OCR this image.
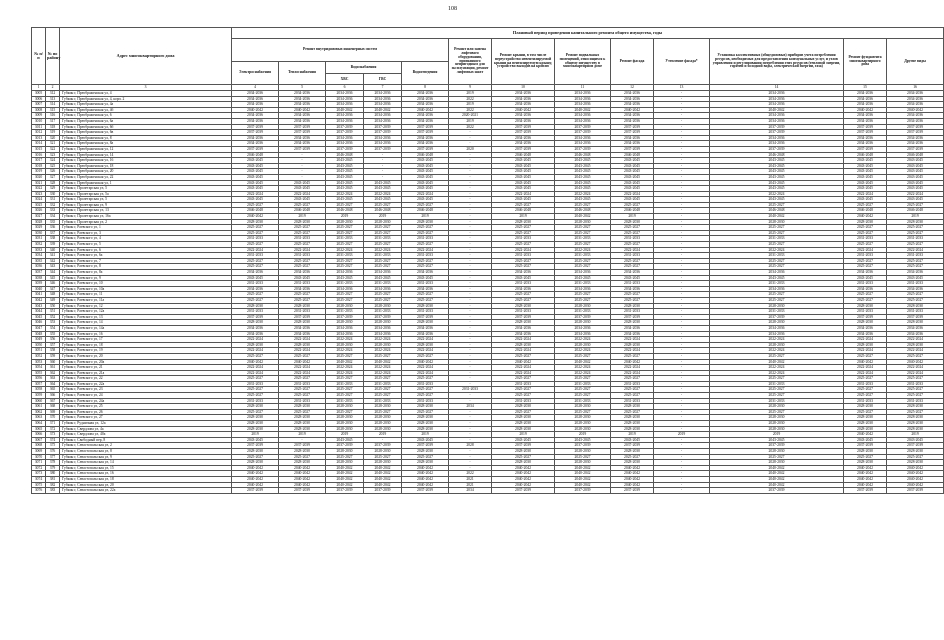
108
№ п/п	№ по району	Адрес многоквартирного дома	Плановый период проведения капитального ремонта общего имущества, годы												
			Ремонт внутридомовых инженерных систем					Ремонт или замена лифтового оборудования, признанного непригодным для эксплуатации, ремонт лифтовых шахт	Ремонт крыши, в том числе переустройство невентилируемой крыши на вентилируемую крышу, устройство выходов на кровлю	Ремонт подвальных помещений, относящихся к общему имуществу в многоквартирном доме	Ремонт фасада	Утепление фасада*	Установка коллективных (общедомовых) приборов учета потребления ресурсов, необходимых для предоставления коммунальных услуг, и узлов управления и регулирования потребления этих ресурсов (тепловой энергии, горячей и холодной воды, электрической энергии, газа)	Ремонт фундамента многоквартирного дома	Другие виды
			Электроснабжения	Теплоснабжения	Водоснабжения
ХВС ГВС		Водоотведения								
1	2	3	4	5	6	7	8	9	10	11	12	13	14	15	16
3005	312	Губкин г, Преображенская ул, 4	2034-2036	2034-2036	2034-2036	2034-2036	2034-2036	2019	2034-2036	2034-2036	2034-2036	-	2034-2036	2034-2036	2034-2036
3006	313	Губкин г, Преображенская ул, 4, корп. 2	2034-2036	2034-2036	2034-2036	2034-2036	2034-2036	2022	2034-2036	2034-2036	2034-2036	-	2034-2036	2034-2036	2034-2036
3007	314	Губкин г, Преображенская ул, 4а	2034-2036	2034-2036	2034-2036	2034-2036	2034-2036	2019	2034-2036	2034-2036	2034-2036	-	2034-2036	2034-2036	2034-2036
3008	315	Губкин г, Преображенская ул, 4б	2040-2042	2040-2042	2040-2042	2040-2042	2040-2042	2022	2040-2042	2040-2042	2040-2042	-	2040-2042	2040-2042	2040-2042
3009	316	Губкин г, Преображенская ул, 6	2034-2036	2034-2036	2034-2036	2034-2036	2034-2036	2020-2021	2034-2036	2034-2036	2034-2036	-	2034-2036	2034-2036	2034-2036
3010	317	Губкин г, Преображенская ул, 6а	2034-2036	2034-2036	2034-2036	2034-2036	2034-2036	2019	2034-2036	2034-2036	2034-2036	-	2034-2036	2034-2036	2034-2036
3011	318	Губкин г, Преображенская ул, 6б	2037-2039	2037-2039	2037-2039	2037-2039	2037-2039	2022	2037-2039	2037-2039	2037-2039	-	2037-2039	2037-2039	2037-2039
3012	319	Губкин г, Преображенская ул, 6в	2037-2039	2037-2039	2037-2039	2037-2039	2037-2039	-	2037-2039	2037-2039	2037-2039	-	2037-2039	2037-2039	2037-2039
3013	320	Губкин г, Преображенская ул, 8	2034-2036	2034-2036	2034-2036	2034-2036	2034-2036	-	2034-2036	2034-2036	2034-2036	-	2034-2036	2034-2036	2034-2036
3014	321	Губкин г, Преображенская ул, 8а	2034-2036	2034-2036	2034-2036	2034-2036	2034-2036	-	2034-2036	2034-2036	2034-2036	-	2034-2036	2034-2036	2034-2036
3015	322	Губкин г, Преображенская ул, 12	2037-2039	2037-2039	2037-2039	2037-2039	2037-2039	2020	2037-2039	2037-2039	2037-2039	-	2037-2039	2037-2039	2037-2039
3016	323	Губкин г, Преображенская ул, 14	2046-2048	-	2046-2048	-	2046-2048	-	2046-2048	2046-2048	2046-2048	-	2046-2048	2046-2048	2046-2048
3017	324	Губкин г, Преображенская ул, 16	2043-2045	-	2043-2045	-	2043-2045	-	2043-2045	2043-2045	2043-2045	-	2043-2045	2043-2045	2043-2045
3018	325	Губкин г, Преображенская ул, 18	2043-2045	-	2043-2045	-	2043-2045	-	2043-2045	2043-2045	2043-2045	-	2043-2045	2043-2045	2043-2045
3019	326	Губкин г, Преображенская ул, 20	2043-2045	-	2043-2045	-	2043-2045	-	2043-2045	2043-2045	2043-2045	-	2043-2045	2043-2045	2043-2045
3020	327	Губкин г, Преображенская ул, 22	2043-2045	-	2043-2045	-	2043-2045	-	2043-2045	2043-2045	2043-2045	-	2043-2045	2043-2045	2043-2045
3021	328	Губкин г, Преображенская ул, 1	2043-2045	2043-2045	2043-2045	2043-2045	2043-2045	-	2043-2045	2043-2045	2043-2045	-	2043-2045	2043-2045	2043-2045
3022	329	Губкин г, Пролетарская ул, 5	2043-2045	2043-2045	2043-2045	2043-2045	2043-2045	-	2043-2045	2043-2045	2043-2045	-	2043-2045	2043-2045	2043-2045
3023	330	Губкин г, Пролетарская ул, 5а	2022-2024	2022-2024	2022-2024	2022-2024	2022-2024	-	2022-2024	2022-2024	2022-2024	-	2022-2024	2022-2024	2022-2024
3024	331	Губкин г, Пролетарская ул, 5	2043-2045	2043-2045	2043-2045	2043-2045	2043-2045	-	2043-2045	2043-2045	2043-2045	-	2043-2045	2043-2045	2043-2045
3025	332	Губкин г, Пролетарская ул, 9	2025-2027	2025-2027	2025-2027	2025-2027	2025-2027	-	2025-2027	2025-2027	2025-2027	-	2025-2027	2025-2027	2025-2027
3026	333	Губкин г, Пролетарская ул, 13	2046-2048	2046-2048	2046-2048	2046-2048	2046-2048	-	2046-2048	2046-2048	2046-2048	-	2046-2048	2046-2048	2046-2048
3027	334	Губкин г, Пролетарская ул, 16а	2040-2042	2019	2019	2019	2019	-	2019	2040-2042	2019	-	2040-2042	2040-2042	2019
3028	335	Губкин г, Пролетарская ул, 2	2028-2030	2028-2030	2028-2030	2028-2030	2028-2030	-	2028-2030	2028-2030	2028-2030	-	2028-2030	2028-2030	2028-2030
3029	336	Губкин г, Раевского ул, 1	2025-2027	2025-2027	2025-2027	2025-2027	2025-2027	-	2025-2027	2025-2027	2025-2027	-	2025-2027	2025-2027	2025-2027
3030	337	Губкин г, Раевского ул, 3	2025-2027	2025-2027	2025-2027	2025-2027	2025-2027	-	2025-2027	2025-2027	2025-2027	-	2025-2027	2025-2027	2025-2027
3031	338	Губкин г, Раевского ул, 4	2031-2033	2031-2033	2031-2033	2031-2033	2031-2033	-	2031-2033	2031-2033	2031-2033	-	2031-2033	2031-2033	2031-2033
3032	339	Губкин г, Раевского ул, 5	2025-2027	2025-2027	2025-2027	2025-2027	2025-2027	-	2025-2027	2025-2027	2025-2027	-	2025-2027	2025-2027	2025-2027
3033	340	Губкин г, Раевского ул, 6	2022-2024	2022-2024	2022-2024	2022-2024	2022-2024	-	2022-2024	2022-2024	2022-2024	-	2022-2024	2022-2024	2022-2024
3034	341	Губкин г, Раевского ул, 6а	2031-2033	2031-2033	2031-2033	2031-2033	2031-2033	-	2031-2033	2031-2033	2031-2033	-	2031-2033	2031-2033	2031-2033
3035	342	Губкин г, Раевского ул, 7	2025-2027	2025-2027	2025-2027	2025-2027	2025-2027	-	2025-2027	2025-2027	2025-2027	-	2025-2027	2025-2027	2025-2027
3036	343	Губкин г, Раевского ул, 8	2025-2027	2025-2027	2025-2027	2025-2027	2025-2027	-	2025-2027	2025-2027	2025-2027	-	2025-2027	2025-2027	2025-2027
3037	344	Губкин г, Раевского ул, 8а	2034-2036	2034-2036	2034-2036	2034-2036	2034-2036	-	2034-2036	2034-2036	2034-2036	-	2034-2036	2034-2036	2034-2036
3038	345	Губкин г, Раевского ул, 9	2043-2045	2043-2045	2043-2045	2043-2045	2043-2045	-	2043-2045	2043-2045	2043-2045	-	2043-2045	2043-2045	2043-2045
3039	346	Губкин г, Раевского ул, 10	2031-2033	2031-2033	2031-2033	2031-2033	2031-2033	-	2031-2033	2031-2033	2031-2033	-	2031-2033	2031-2033	2031-2033
3040	347	Губкин г, Раевского ул, 10а	2034-2036	2034-2036	2034-2036	2034-2036	2034-2036	-	2034-2036	2034-2036	2034-2036	-	2034-2036	2034-2036	2034-2036
3041	348	Губкин г, Раевского ул, 11	2025-2027	2025-2027	2025-2027	2025-2027	2025-2027	-	2025-2027	2025-2027	2025-2027	-	2025-2027	2025-2027	2025-2027
3042	349	Губкин г, Раевского ул, 11а	2025-2027	2025-2027	2025-2027	2025-2027	2025-2027	-	2025-2027	2025-2027	2025-2027	-	2025-2027	2025-2027	2025-2027
3043	350	Губкин г, Раевского ул, 12	2028-2030	2028-2030	2028-2030	2028-2030	2028-2030	-	2028-2030	2028-2030	2028-2030	-	2028-2030	2028-2030	2028-2030
3044	351	Губкин г, Раевского ул, 12а	2031-2033	2031-2033	2031-2033	2031-2033	2031-2033	-	2031-2033	2031-2033	2031-2033	-	2031-2033	2031-2033	2031-2033
3045	352	Губкин г, Раевского ул, 13	2037-2039	2037-2039	2037-2039	2037-2039	2037-2039	-	2037-2039	2037-2039	2037-2039	-	2037-2039	2037-2039	2037-2039
3046	353	Губкин г, Раевского ул, 14	2028-2030	2028-2030	2028-2030	2028-2030	2028-2030	-	2028-2030	2028-2030	2028-2030	-	2028-2030	2028-2030	2028-2030
3047	354	Губкин г, Раевского ул, 14а	2034-2036	2034-2036	2034-2036	2034-2036	2034-2036	-	2034-2036	2034-2036	2034-2036	-	2034-2036	2034-2036	2034-2036
3048	355	Губкин г, Раевского ул, 16	2034-2036	2034-2036	2034-2036	2034-2036	2034-2036	-	2034-2036	2034-2036	2034-2036	-	2034-2036	2034-2036	2034-2036
3049	356	Губкин г, Раевского ул, 17	2022-2024	2022-2024	2022-2024	2022-2024	2022-2024	-	2022-2024	2022-2024	2022-2024	-	2022-2024	2022-2024	2022-2024
3050	357	Губкин г, Раевского ул, 18	2028-2030	2028-2030	2028-2030	2028-2030	2028-2030	-	2028-2030	2028-2030	2028-2030	-	2028-2030	2028-2030	2028-2030
3051	358	Губкин г, Раевского ул, 19	2022-2024	2022-2024	2022-2024	2022-2024	2022-2024	-	2022-2024	2022-2024	2022-2024	-	2022-2024	2022-2024	2022-2024
3052	359	Губкин г, Раевского ул, 20	2025-2027	2025-2027	2025-2027	2025-2027	2025-2027	-	2025-2027	2025-2027	2025-2027	-	2025-2027	2025-2027	2025-2027
3053	360	Губкин г, Раевского ул, 20а	2040-2042	2040-2042	2040-2042	2040-2042	2040-2042	-	2040-2042	2040-2042	2040-2042	-	2040-2042	2040-2042	2040-2042
3054	361	Губкин г, Раевского ул, 21	2022-2024	2022-2024	2022-2024	2022-2024	2022-2024	-	2022-2024	2022-2024	2022-2024	-	2022-2024	2022-2024	2022-2024
3055	362	Губкин г, Раевского ул, 21а	2022-2024	2022-2024	2022-2024	2022-2024	2022-2024	-	2022-2024	2022-2024	2022-2024	-	2022-2024	2022-2024	2022-2024
3056	363	Губкин г, Раевского ул, 22	2025-2027	2025-2027	2025-2027	2025-2027	2025-2027	-	2025-2027	2025-2027	2025-2027	-	2025-2027	2025-2027	2025-2027
3057	364	Губкин г, Раевского ул, 22а	2031-2033	2031-2033	2031-2033	2031-2033	2031-2033	-	2031-2033	2031-2033	2031-2033	-	2031-2033	2031-2033	2031-2033
3058	365	Губкин г, Раевского ул, 23	2025-2027	2025-2027	2025-2027	2025-2027	2025-2027	2031-2033	2025-2027	2025-2027	2025-2027	-	2025-2027	2025-2027	2025-2027
3059	366	Губкин г, Раевского ул, 24	2025-2027	2025-2027	2025-2027	2025-2027	2025-2027	-	2025-2027	2025-2027	2025-2027	-	2025-2027	2025-2027	2025-2027
3060	367	Губкин г, Раевского ул, 24а	2031-2033	2031-2033	2031-2033	2031-2033	2031-2033	-	2031-2033	2031-2033	2031-2033	-	2031-2033	2031-2033	2031-2033
3061	368	Губкин г, Раевского ул, 25	2028-2030	2028-2030	2028-2030	2028-2030	2028-2030	2034	2028-2030	2028-2030	2028-2030	-	2028-2030	2028-2030	2028-2030
3062	369	Губкин г, Раевского ул, 26	2025-2027	2025-2027	2025-2027	2025-2027	2025-2027	-	2025-2027	2025-2027	2025-2027	-	2025-2027	2025-2027	2025-2027
3063	370	Губкин г, Раевского ул, 27	2028-2030	2028-2030	2028-2030	2028-2030	2028-2030	-	2028-2030	2028-2030	2028-2030	-	2028-2030	2028-2030	2028-2030
3064	371	Губкин г, Рудничная ул, 12а	2028-2030	2028-2030	2028-2030	2028-2030	2028-2030	-	2028-2030	2028-2030	2028-2030	-	2028-2030	2028-2030	2028-2030
3065	372	Губкин г, Свердлова ул, 4а	2028-2030	2028-2030	2028-2030	2028-2030	2028-2030	-	2028-2030	2028-2030	2028-2030	-	2028-2030	2028-2030	2028-2030
3066	373	Губкин г, Свердлова ул, 40а	2019	2019	2019	2019	2019	-	2019	2019	2019	2019	2019	2040-2042	2019
3067	374	Губкин г, Свободный пер, 8	2043-2045	-	2043-2045	-	2043-2045	-	2043-2045	2043-2045	2043-2045	-	2043-2045	2043-2045	2043-2045
3068	375	Губкин г, Севастопольская ул, 2	2037-2039	2037-2039	2037-2039	2037-2039	2037-2039	2028	2037-2039	2037-2039	2037-2039	-	2037-2039	2037-2039	2037-2039
3069	376	Губкин г, Севастопольская ул, 8	2028-2030	2028-2030	2028-2030	2028-2030	2028-2030	-	2028-2030	2028-2030	2028-2030	-	2028-2030	2028-2030	2028-2030
3070	377	Губкин г, Севастопольская ул, 9	2025-2027	2025-2027	2025-2027	2025-2027	2025-2027	-	2025-2027	2025-2027	2025-2027	-	2025-2027	2025-2027	2025-2027
3071	378	Губкин г, Севастопольская ул, 14	2028-2030	2028-2030	2028-2030	2028-2030	2028-2030	-	2028-2030	2028-2030	2028-2030	-	2028-2030	2028-2030	2028-2030
3072	379	Губкин г, Севастопольская ул, 15	2040-2042	2040-2042	2040-2042	2040-2042	2040-2042	-	2040-2042	2040-2042	2040-2042	-	2040-2042	2040-2042	2040-2042
3073	380	Губкин г, Севастопольская ул, 16	2040-2042	2040-2042	2040-2042	2040-2042	2040-2042	2022	2040-2042	2040-2042	2040-2042	-	2040-2042	2040-2042	2040-2042
3074	381	Губкин г, Севастопольская ул, 18	2040-2042	2040-2042	2040-2042	2040-2042	2040-2042	2021	2040-2042	2040-2042	2040-2042	-	2040-2042	2040-2042	2040-2042
3075	382	Губкин г, Севастопольская ул, 20	2040-2042	2040-2042	2040-2042	2040-2042	2040-2042	2021	2040-2042	2040-2042	2040-2042	-	2040-2042	2040-2042	2040-2042
3076	383	Губкин г, Севастопольская ул, 22а	2037-2039	2037-2039	2037-2039	2037-2039	2037-2039	2034	2037-2039	2037-2039	2037-2039	-	2037-2039	2037-2039	2037-2039
